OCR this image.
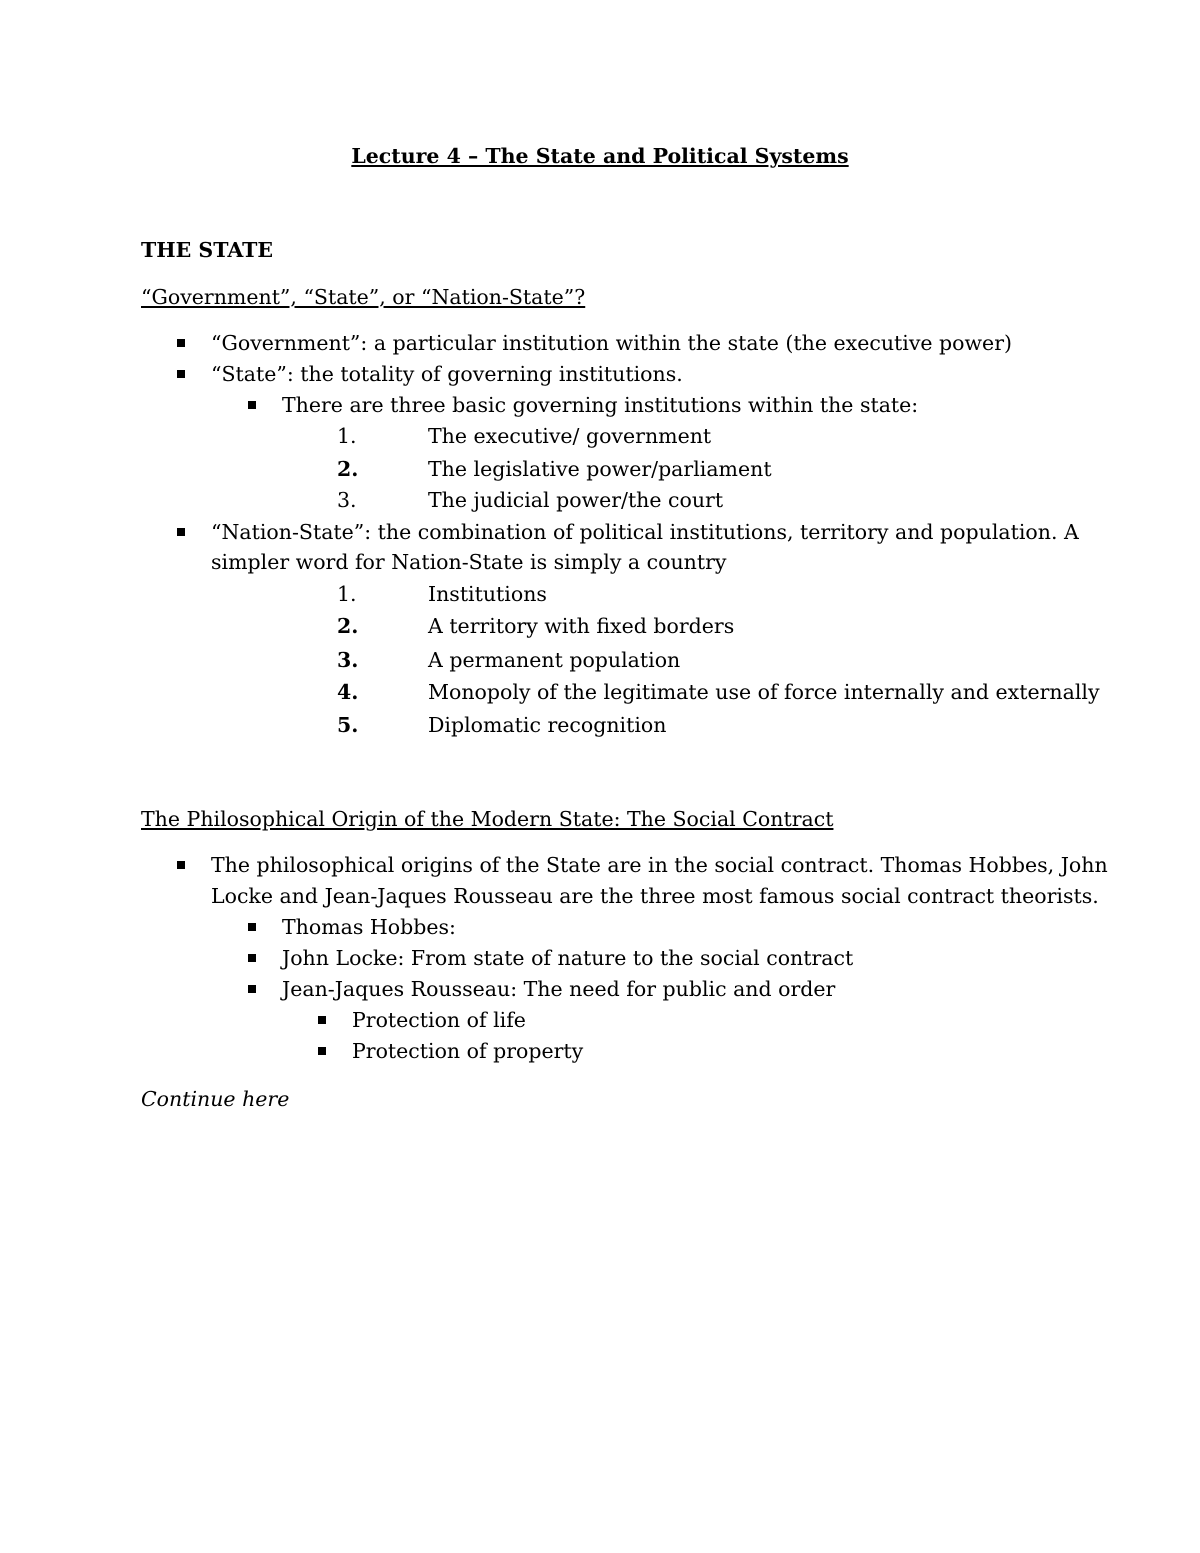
Lecture 4 – The State and Political Systems
THE STATE
“Government”, “State”, or “Nation-State”?
“Government”: a particular institution within the state (the executive power)
“State”: the totality of governing institutions.
There are three basic governing institutions within the state:
1.	The executive/ government
2.	The legislative power/parliament
3.	The judicial power/the court
“Nation-State”: the combination of political institutions, territory and population. A
simpler word for Nation-State is simply a country
1.	Institutions
2.	A territory with fixed borders
3.	A permanent population
4.	Monopoly of the legitimate use of force internally and externally
5.	Diplomatic recognition
The Philosophical Origin of the Modern State: The Social Contract
The philosophical origins of the State are in the social contract. Thomas Hobbes, John
Locke and Jean-Jaques Rousseau are the three most famous social contract theorists.
Thomas Hobbes:
John Locke: From state of nature to the social contract
Jean-Jaques Rousseau: The need for public and order
Protection of life
Protection of property
Continue here
